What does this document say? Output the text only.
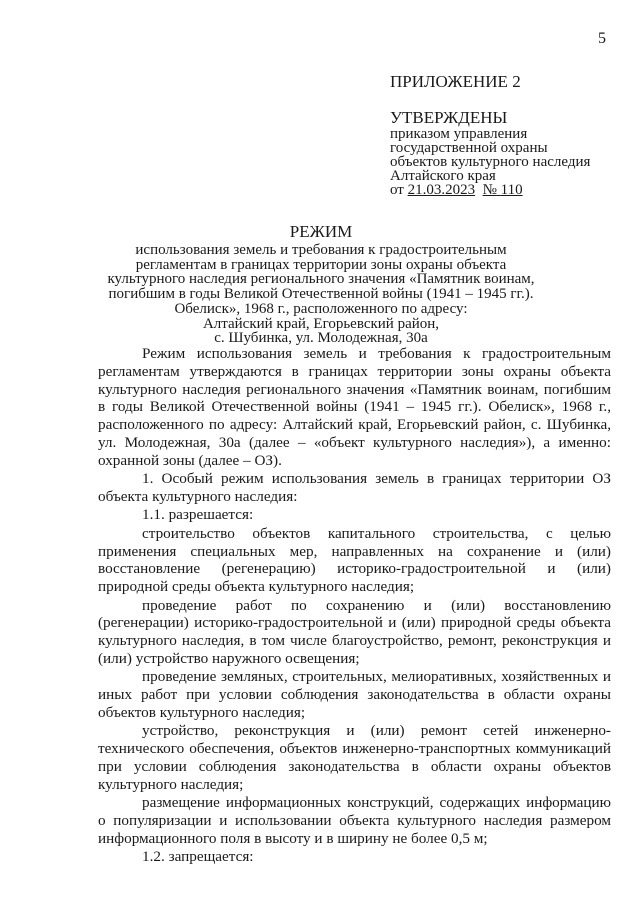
5
ПРИЛОЖЕНИЕ 2
УТВЕРЖДЕНЫ
приказом управления
государственной охраны
объектов культурного наследия
Алтайского края
от 21.03.2023 № 110
РЕЖИМ
использования земель и требования к градостроительным
регламентам в границах территории зоны охраны объекта
культурного наследия регионального значения «Памятник воинам,
погибшим в годы Великой Отечественной войны (1941 – 1945 гг.).
Обелиск», 1968 г., расположенного по адресу:
Алтайский край, Егорьевский район,
с. Шубинка, ул. Молодежная, 30а

Режим использования земель и требования к градостроительным регламентам утверждаются в границах территории зоны охраны объекта культурного наследия регионального значения «Памятник воинам, погибшим в годы Великой Отечественной войны (1941 – 1945 гг.). Обелиск», 1968 г., расположенного по адресу: Алтайский край, Егорьевский район, с. Шубинка, ул. Молодежная, 30а (далее – «объект культурного наследия»), а именно: охранной зоны (далее – ОЗ).

1. Особый режим использования земель в границах территории ОЗ объекта культурного наследия:

1.1. разрешается:

строительство объектов капитального строительства, с целью применения специальных мер, направленных на сохранение и (или) восстановление (регенерацию) историко-градостроительной и (или) природной среды объекта культурного наследия;

проведение работ по сохранению и (или) восстановлению (регенерации) историко-градостроительной и (или) природной среды объекта культурного наследия, в том числе благоустройство, ремонт, реконструкция и (или) устройство наружного освещения;

проведение земляных, строительных, мелиоративных, хозяйственных и иных работ при условии соблюдения законодательства в области охраны объектов культурного наследия;

устройство, реконструкция и (или) ремонт сетей инженерно-технического обеспечения, объектов инженерно-транспортных коммуникаций при условии соблюдения законодательства в области охраны объектов культурного наследия;

размещение информационных конструкций, содержащих информацию о популяризации и использовании объекта культурного наследия размером информационного поля в высоту и в ширину не более 0,5 м;

1.2. запрещается:
